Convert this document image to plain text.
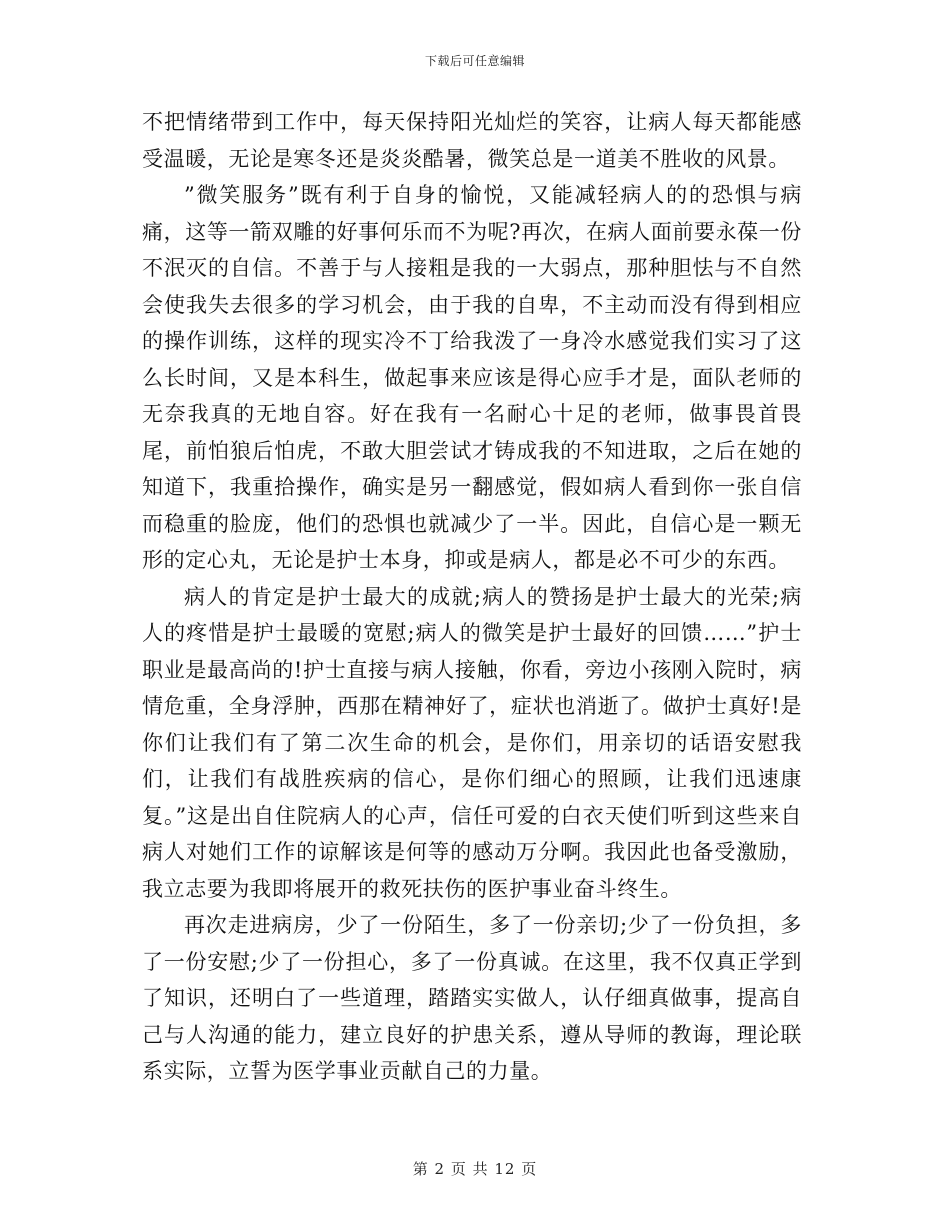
下载后可任意编辑

不把情绪带到工作中，每天保持阳光灿烂的笑容，让病人每天都能感受温暖，无论是寒冬还是炎炎酷暑，微笑总是一道美不胜收的风景。

”微笑服务”既有利于自身的愉悦，又能减轻病人的的恐惧与病痛，这等一箭双雕的好事何乐而不为呢?再次，在病人面前要永葆一份不泯灭的自信。不善于与人接粗是我的一大弱点，那种胆怯与不自然会使我失去很多的学习机会，由于我的自卑，不主动而没有得到相应的操作训练，这样的现实冷不丁给我泼了一身冷水感觉我们实习了这么长时间，又是本科生，做起事来应该是得心应手才是，面队老师的无奈我真的无地自容。好在我有一名耐心十足的老师，做事畏首畏尾，前怕狼后怕虎，不敢大胆尝试才铸成我的不知进取，之后在她的知道下，我重拾操作，确实是另一翻感觉，假如病人看到你一张自信而稳重的脸庞，他们的恐惧也就减少了一半。因此，自信心是一颗无形的定心丸，无论是护士本身，抑或是病人，都是必不可少的东西。

病人的肯定是护士最大的成就;病人的赞扬是护士最大的光荣;病人的疼惜是护士最暖的宽慰;病人的微笑是护士最好的回馈……”护士职业是最高尚的!护士直接与病人接触，你看，旁边小孩刚入院时，病情危重，全身浮肿，西那在精神好了，症状也消逝了。做护士真好!是你们让我们有了第二次生命的机会，是你们，用亲切的话语安慰我们，让我们有战胜疾病的信心，是你们细心的照顾，让我们迅速康复。”这是出自住院病人的心声，信任可爱的白衣天使们听到这些来自病人对她们工作的谅解该是何等的感动万分啊。我因此也备受激励，我立志要为我即将展开的救死扶伤的医护事业奋斗终生。

再次走进病房，少了一份陌生，多了一份亲切;少了一份负担，多了一份安慰;少了一份担心，多了一份真诚。在这里，我不仅真正学到了知识，还明白了一些道理，踏踏实实做人，认仔细真做事，提高自己与人沟通的能力，建立良好的护患关系，遵从导师的教诲，理论联系实际，立誓为医学事业贡献自己的力量。

第 2 页 共 12 页
